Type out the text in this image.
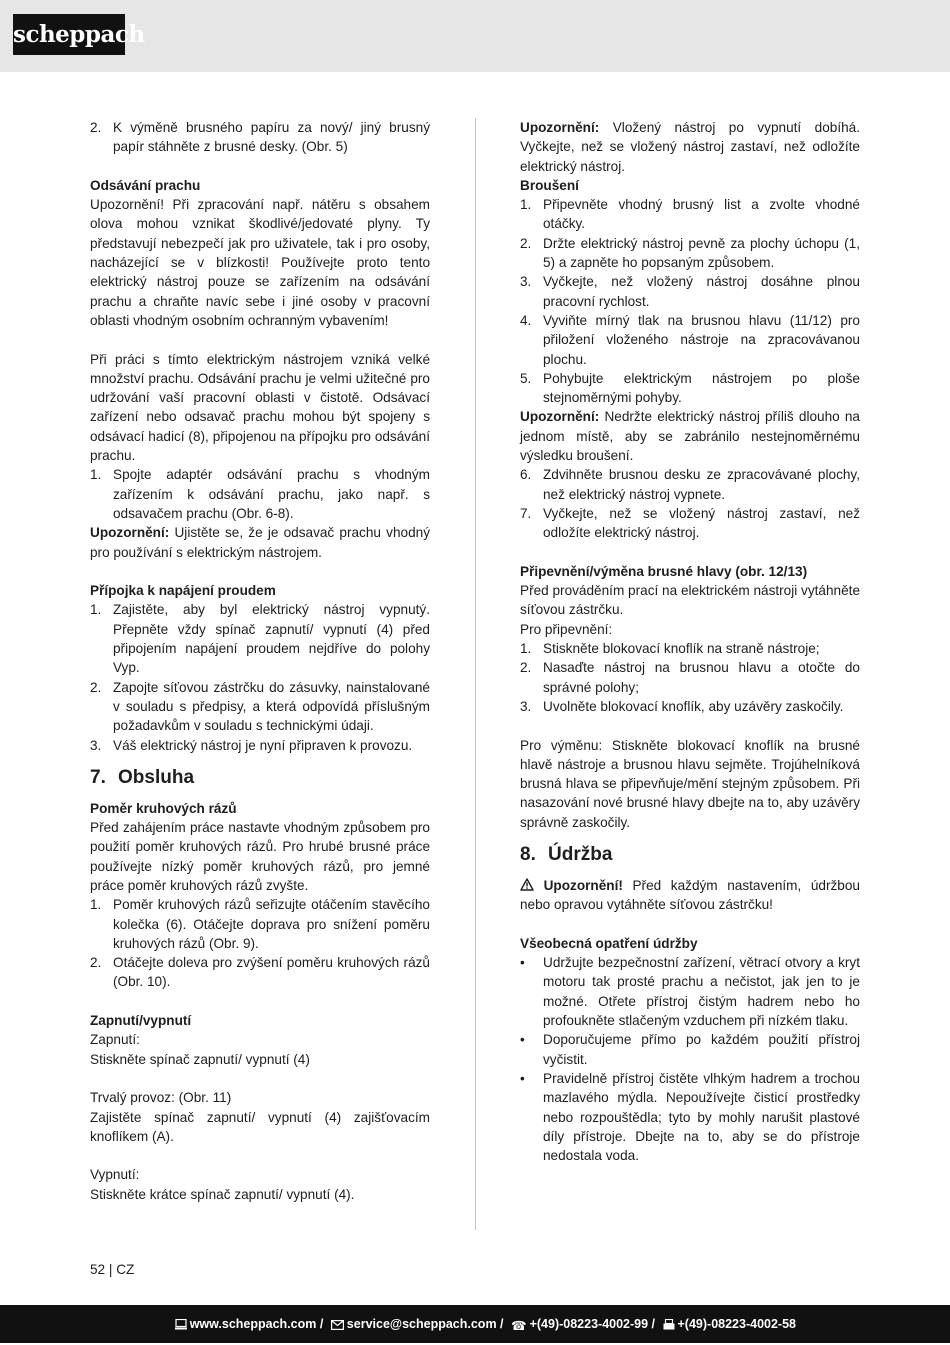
scheppach
2. K výměně brusného papíru za nový/ jiný brusný papír stáhněte z brusné desky. (Obr. 5)

Odsávání prachu

Upozornění! Při zpracování např. nátěru s obsahem olova mohou vznikat škodlivé/jedovaté plyny. Ty představují nebezpečí jak pro uživatele, tak i pro osoby, nacházející se v blízkosti! Používejte proto tento elektrický nástroj pouze se zařízením na odsávání prachu a chraňte navíc sebe i jiné osoby v pracovní oblasti vhodným osobním ochranným vybavením!

Při práci s tímto elektrickým nástrojem vzniká velké množství prachu. Odsávání prachu je velmi užitečné pro udržování vaší pracovní oblasti v čistotě. Odsávací zařízení nebo odsavač prachu mohou být spojeny s odsávací hadicí (8), připojenou na přípojku pro odsávání prachu.

1. Spojte adaptér odsávání prachu s vhodným zařízením k odsávání prachu, jako např. s odsavačem prachu (Obr. 6-8).

Upozornění: Ujistěte se, že je odsavač prachu vhodný pro používání s elektrickým nástrojem.

Přípojka k napájení proudem

1. Zajistěte, aby byl elektrický nástroj vypnutý. Přepněte vždy spínač zapnutí/ vypnutí (4) před připojením napájení proudem nejdříve do polohy Vyp.
2. Zapojte síťovou zástrčku do zásuvky, nainstalované v souladu s předpisy, a která odpovídá příslušným požadavkům v souladu s technickými údaji.
3. Váš elektrický nástroj je nyní připraven k provozu.
7. Obsluha

Poměr kruhových rázů

Před zahájením práce nastavte vhodným způsobem pro použití poměr kruhových rázů. Pro hrubé brusné práce používejte nízký poměr kruhových rázů, pro jemné práce poměr kruhových rázů zvyšte.

1. Poměr kruhových rázů seřizujte otáčením stavěcího kolečka (6). Otáčejte doprava pro snížení poměru kruhových rázů (Obr. 9).
2. Otáčejte doleva pro zvýšení poměru kruhových rázů (Obr. 10).

Zapnutí/vypnutí

Zapnutí:

Stiskněte spínač zapnutí/ vypnutí (4)

Trvalý provoz: (Obr. 11)

Zajistěte spínač zapnutí/ vypnutí (4) zajišťovacím knoflíkem (A).

Vypnutí:

Stiskněte krátce spínač zapnutí/ vypnutí (4).

Upozornění: Vložený nástroj po vypnutí dobíhá. Vyčkejte, než se vložený nástroj zastaví, než odložíte elektrický nástroj.

Broušení

1. Připevněte vhodný brusný list a zvolte vhodné otáčky.
2. Držte elektrický nástroj pevně za plochy úchopu (1, 5) a zapněte ho popsaným způsobem.
3. Vyčkejte, než vložený nástroj dosáhne plnou pracovní rychlost.
4. Vyviňte mírný tlak na brusnou hlavu (11/12) pro přiložení vloženého nástroje na zpracovávanou plochu.
5. Pohybujte elektrickým nástrojem po ploše stejnoměrnými pohyby.

Upozornění: Nedržte elektrický nástroj příliš dlouho na jednom místě, aby se zabránilo nestejnoměrnému výsledku broušení.

6. Zdvihněte brusnou desku ze zpracovávané plochy, než elektrický nástroj vypnete.
7. Vyčkejte, než se vložený nástroj zastaví, než odložíte elektrický nástroj.

Připevnění/výměna brusné hlavy (obr. 12/13)

Před prováděním prací na elektrickém nástroji vytáhněte síťovou zástrčku.

Pro připevnění:

1. Stiskněte blokovací knoflík na straně nástroje;
2. Nasaďte nástroj na brusnou hlavu a otočte do správné polohy;
3. Uvolněte blokovací knoflík, aby uzávěry zaskočily.

Pro výměnu: Stiskněte blokovací knoflík na brusné hlavě nástroje a brusnou hlavu sejměte. Trojúhelníková brusná hlava se připevňuje/mění stejným způsobem. Při nasazování nové brusné hlavy dbejte na to, aby uzávěry správně zaskočily.

8. Údržba

Upozornění! Před každým nastavením, údržbou nebo opravou vytáhněte síťovou zástrčku!

Všeobecná opatření údržby

•	Udržujte bezpečnostní zařízení, větrací otvory a kryt motoru tak prosté prachu a nečistot, jak jen to je možné. Otřete přístroj čistým hadrem nebo ho profoukněte stlačeným vzduchem při nízkém tlaku.
•	Doporučujeme přímo po každém použití přístroj vyčistit.
•	Pravidelně přístroj čistěte vlhkým hadrem a trochou mazlavého mýdla. Nepoužívejte čisticí prostředky nebo rozpouštědla; tyto by mohly narušit plastové díly přístroje. Dbejte na to, aby se do přístroje nedostala voda.
52 | CZ
www.scheppach.com / service@scheppach.com / ☎ +(49)-08223-4002-99 / +(49)-08223-4002-58
